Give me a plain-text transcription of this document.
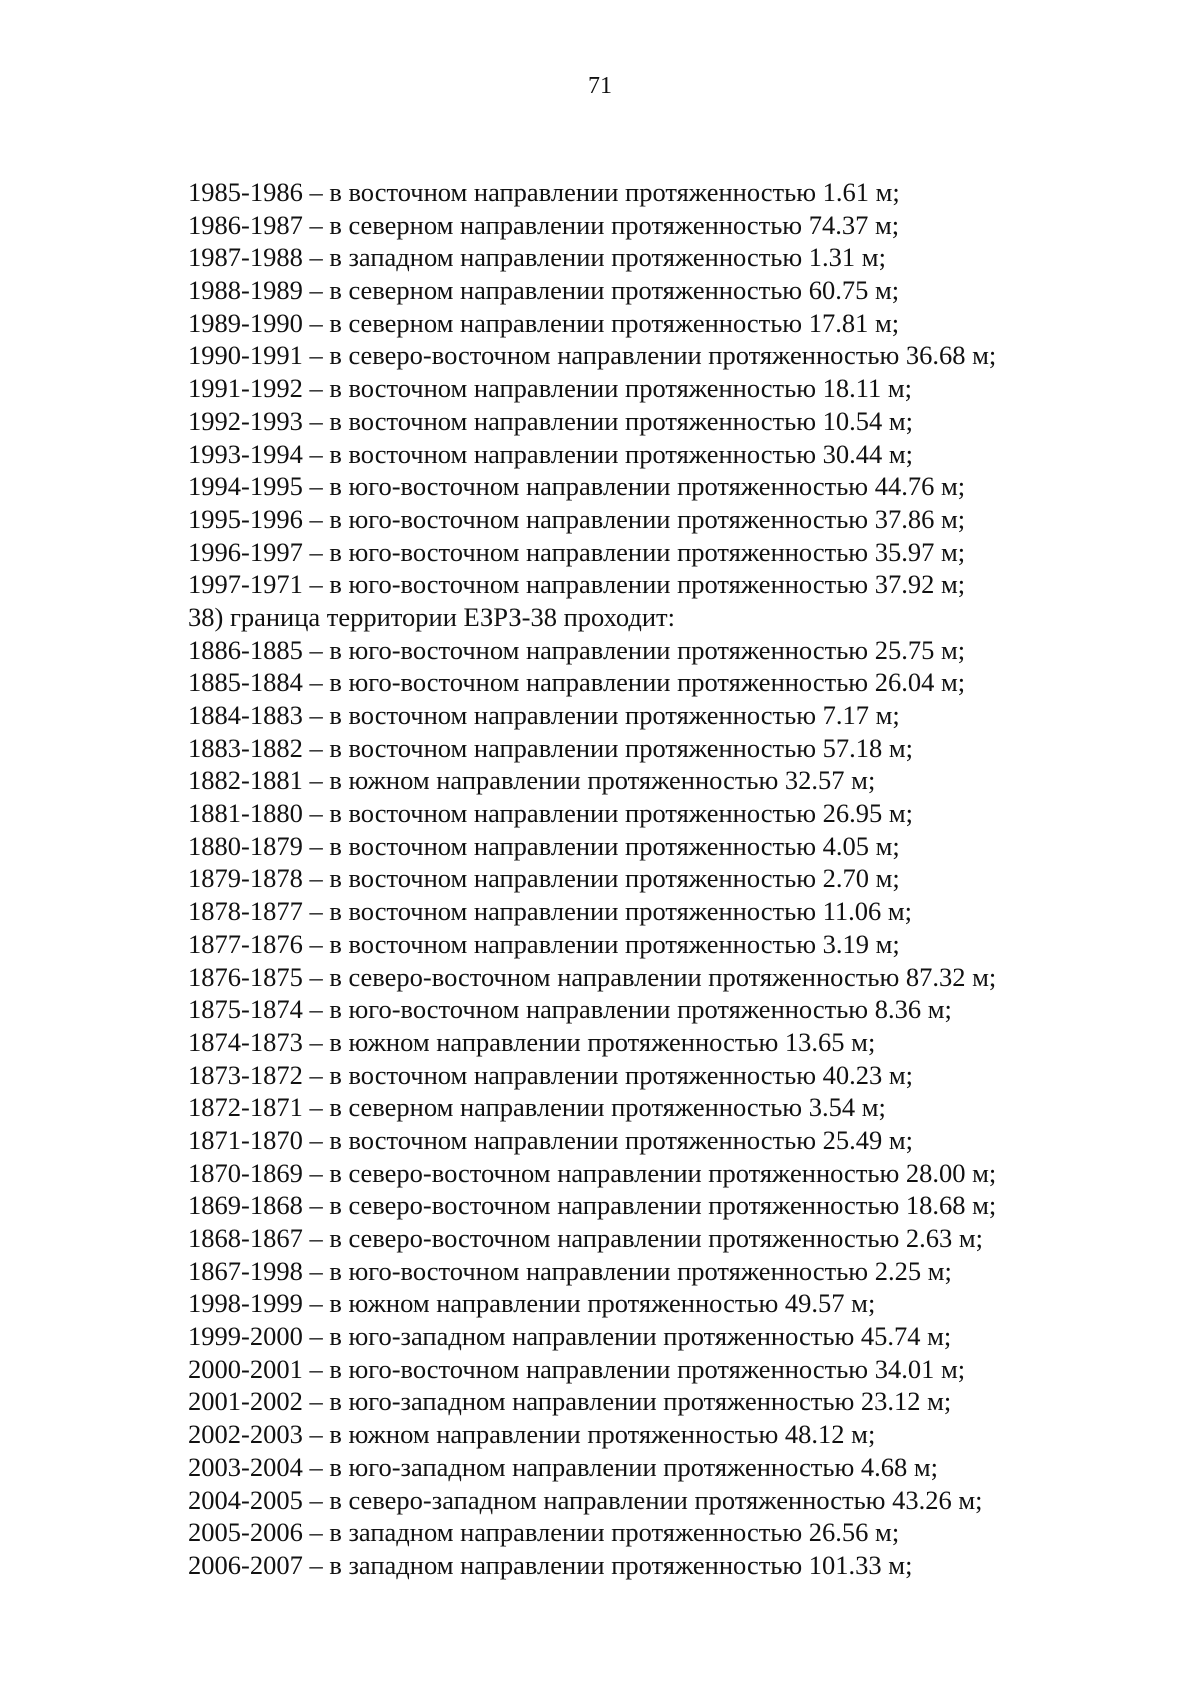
71
1985-1986 – в восточном направлении протяженностью 1.61 м;
1986-1987 – в северном направлении протяженностью 74.37 м;
1987-1988 – в западном направлении протяженностью 1.31 м;
1988-1989 – в северном направлении протяженностью 60.75 м;
1989-1990 – в северном направлении протяженностью 17.81 м;
1990-1991 – в северо-восточном направлении протяженностью 36.68 м;
1991-1992 – в восточном направлении протяженностью 18.11 м;
1992-1993 – в восточном направлении протяженностью 10.54 м;
1993-1994 – в восточном направлении протяженностью 30.44 м;
1994-1995 – в юго-восточном направлении протяженностью 44.76 м;
1995-1996 – в юго-восточном направлении протяженностью 37.86 м;
1996-1997 – в юго-восточном направлении протяженностью 35.97 м;
1997-1971 – в юго-восточном направлении протяженностью 37.92 м;
38) граница территории ЕЗРЗ-38 проходит:
1886-1885 – в юго-восточном направлении протяженностью 25.75 м;
1885-1884 – в юго-восточном направлении протяженностью 26.04 м;
1884-1883 – в восточном направлении протяженностью 7.17 м;
1883-1882 – в восточном направлении протяженностью 57.18 м;
1882-1881 – в южном направлении протяженностью 32.57 м;
1881-1880 – в восточном направлении протяженностью 26.95 м;
1880-1879 – в восточном направлении протяженностью 4.05 м;
1879-1878 – в восточном направлении протяженностью 2.70 м;
1878-1877 – в восточном направлении протяженностью 11.06 м;
1877-1876 – в восточном направлении протяженностью 3.19 м;
1876-1875 – в северо-восточном направлении протяженностью 87.32 м;
1875-1874 – в юго-восточном направлении протяженностью 8.36 м;
1874-1873 – в южном направлении протяженностью 13.65 м;
1873-1872 – в восточном направлении протяженностью 40.23 м;
1872-1871 – в северном направлении протяженностью 3.54 м;
1871-1870 – в восточном направлении протяженностью 25.49 м;
1870-1869 – в северо-восточном направлении протяженностью 28.00 м;
1869-1868 – в северо-восточном направлении протяженностью 18.68 м;
1868-1867 – в северо-восточном направлении протяженностью 2.63 м;
1867-1998 – в юго-восточном направлении протяженностью 2.25 м;
1998-1999 – в южном направлении протяженностью 49.57 м;
1999-2000 – в юго-западном направлении протяженностью 45.74 м;
2000-2001 – в юго-восточном направлении протяженностью 34.01 м;
2001-2002 – в юго-западном направлении протяженностью 23.12 м;
2002-2003 – в южном направлении протяженностью 48.12 м;
2003-2004 – в юго-западном направлении протяженностью 4.68 м;
2004-2005 – в северо-западном направлении протяженностью 43.26 м;
2005-2006 – в западном направлении протяженностью 26.56 м;
2006-2007 – в западном направлении протяженностью 101.33 м;
